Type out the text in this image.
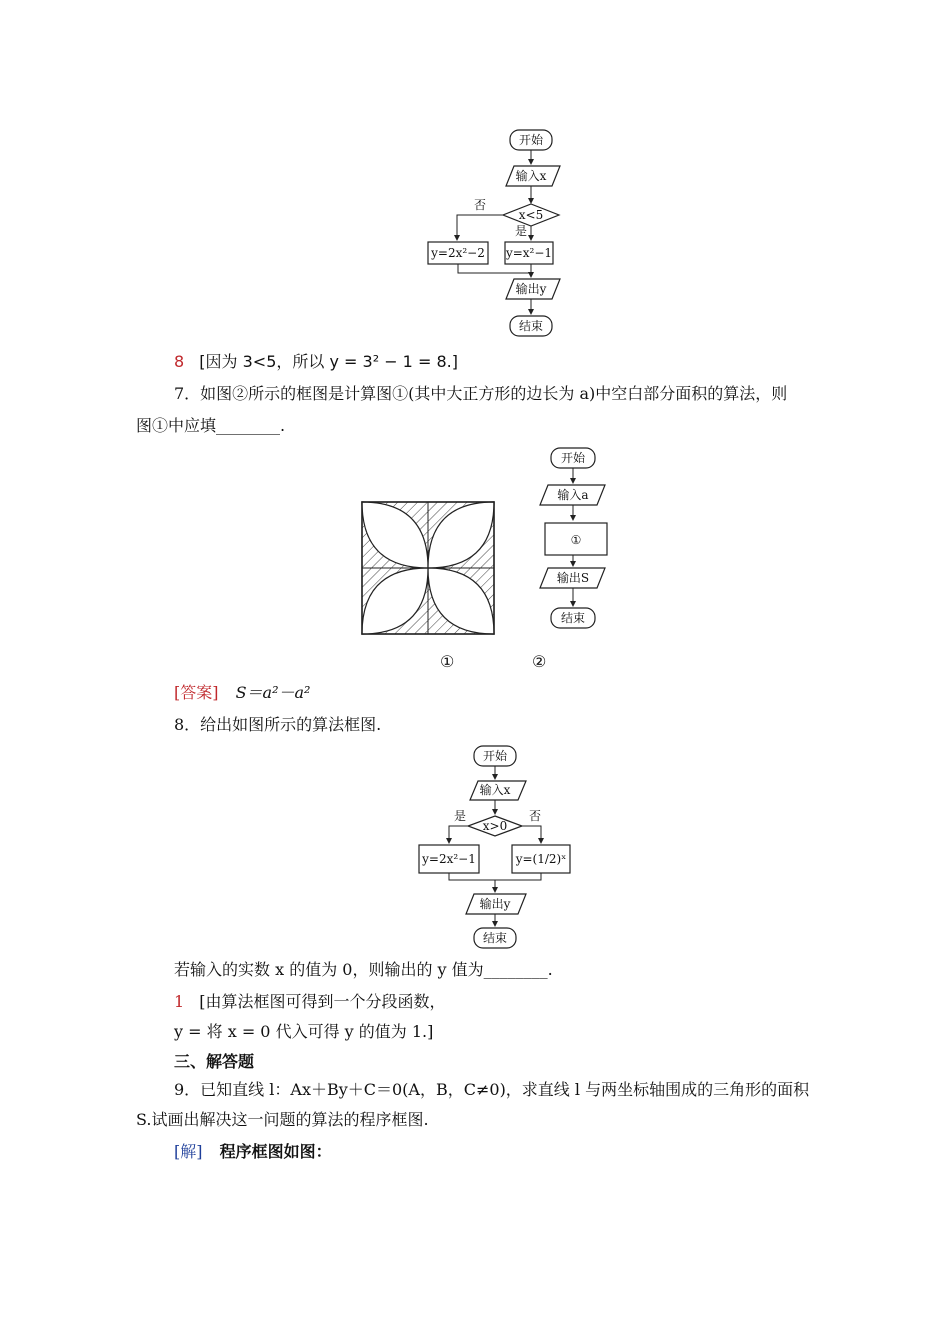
开始
输入x
x<5
否
是
y=2x²−2 y=x²−1
输出y
结束
8 [因为 3<5，所以 y = 3² − 1 = 8.]
7．如图②所示的框图是计算图①(其中大正方形的边长为 a)中空白部分面积的算法，则
图①中应填________.
开始
输入a
①
输出S
结束
①	②
[答案] S＝a²－a²
8．给出如图所示的算法框图.
开始
输入x
x>0
是	否
y=2x²−1	y=(1/2)ˣ
输出y
结束
若输入的实数 x 的值为 0，则输出的 y 值为________.
1 [由算法框图可得到一个分段函数，
y = 将 x = 0 代入可得 y 的值为 1.]
三、解答题
9．已知直线 l：Ax＋By＋C＝0(A，B，C≠0)，求直线 l 与两坐标轴围成的三角形的面积
S.试画出解决这一问题的算法的程序框图.
[解] 程序框图如图：
